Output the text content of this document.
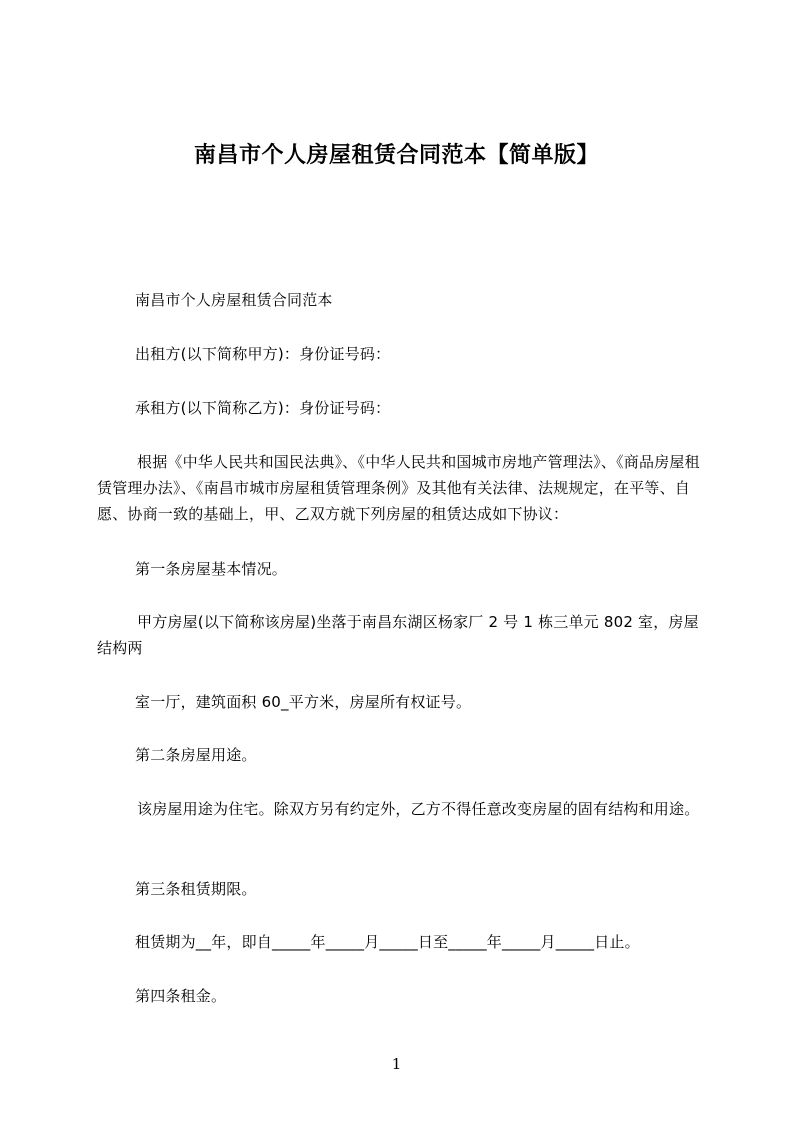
南昌市个人房屋租赁合同范本【简单版】
南昌市个人房屋租赁合同范本
出租方(以下简称甲方)：身份证号码：
承租方(以下简称乙方)：身份证号码：
根据《中华人民共和国民法典》、《中华人民共和国城市房地产管理法》、《商品房屋租赁管理办法》、《南昌市城市房屋租赁管理条例》及其他有关法律、法规规定，在平等、自愿、协商一致的基础上，甲、乙双方就下列房屋的租赁达成如下协议：
第一条房屋基本情况。
甲方房屋(以下简称该房屋)坐落于南昌东湖区杨家厂 2 号 1 栋三单元 802 室，房屋结构两
室一厅，建筑面积 60_平方米，房屋所有权证号。
第二条房屋用途。
该房屋用途为住宅。除双方另有约定外，乙方不得任意改变房屋的固有结构和用途。
第三条租赁期限。
租赁期为__年，即自_____年_____月_____日至_____年_____月_____日止。
第四条租金。
1
